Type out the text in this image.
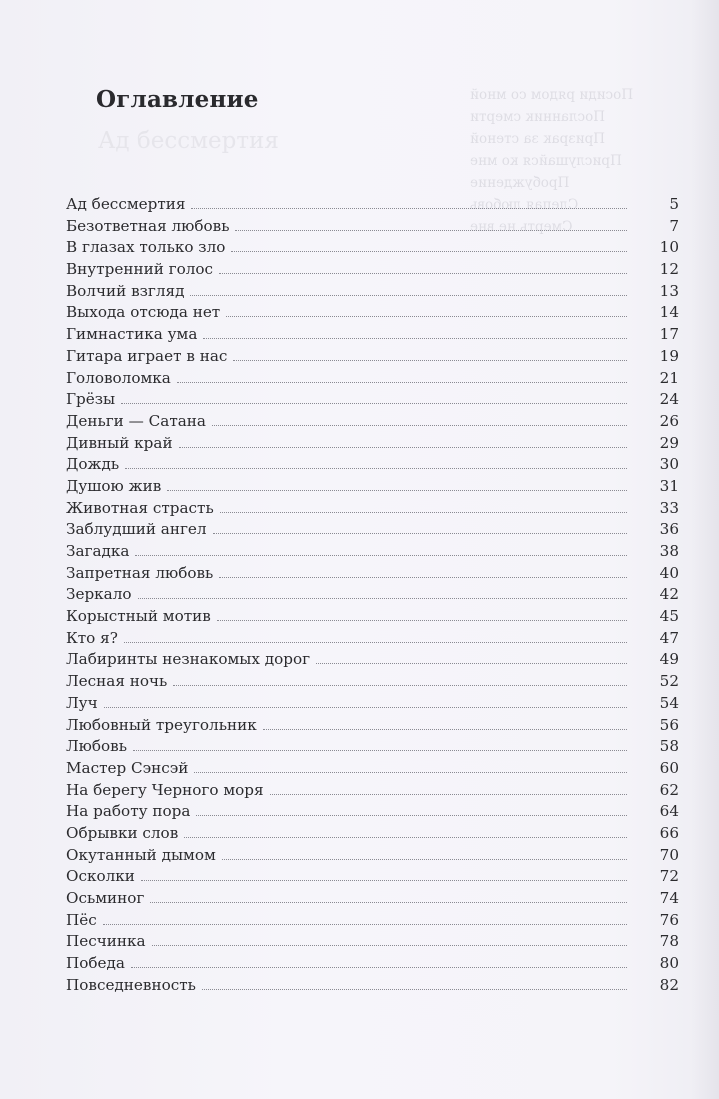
Ад бессмертия
Посиди рядом со мной
Посланник смерти
Призрак за стеной
Прислушайся ко мне
Пробуждение
Слепая любовь
Смерть не вне
Оглавление
Ад бессмертия	5
Безответная любовь	7
В глазах только зло	10
Внутренний голос	12
Волчий взгляд	13
Выхода отсюда нет	14
Гимнастика ума	17
Гитара играет в нас	19
Головоломка	21
Грёзы	24
Деньги — Сатана	26
Дивный край	29
Дождь	30
Душою жив	31
Животная страсть	33
Заблудший ангел	36
Загадка	38
Запретная любовь	40
Зеркало	42
Корыстный мотив	45
Кто я?	47
Лабиринты незнакомых дорог	49
Лесная ночь	52
Луч	54
Любовный треугольник	56
Любовь	58
Мастер Сэнсэй	60
На берегу Черного моря	62
На работу пора	64
Обрывки слов	66
Окутанный дымом	70
Осколки	72
Осьминог	74
Пёс	76
Песчинка	78
Победа	80
Повседневность	82
